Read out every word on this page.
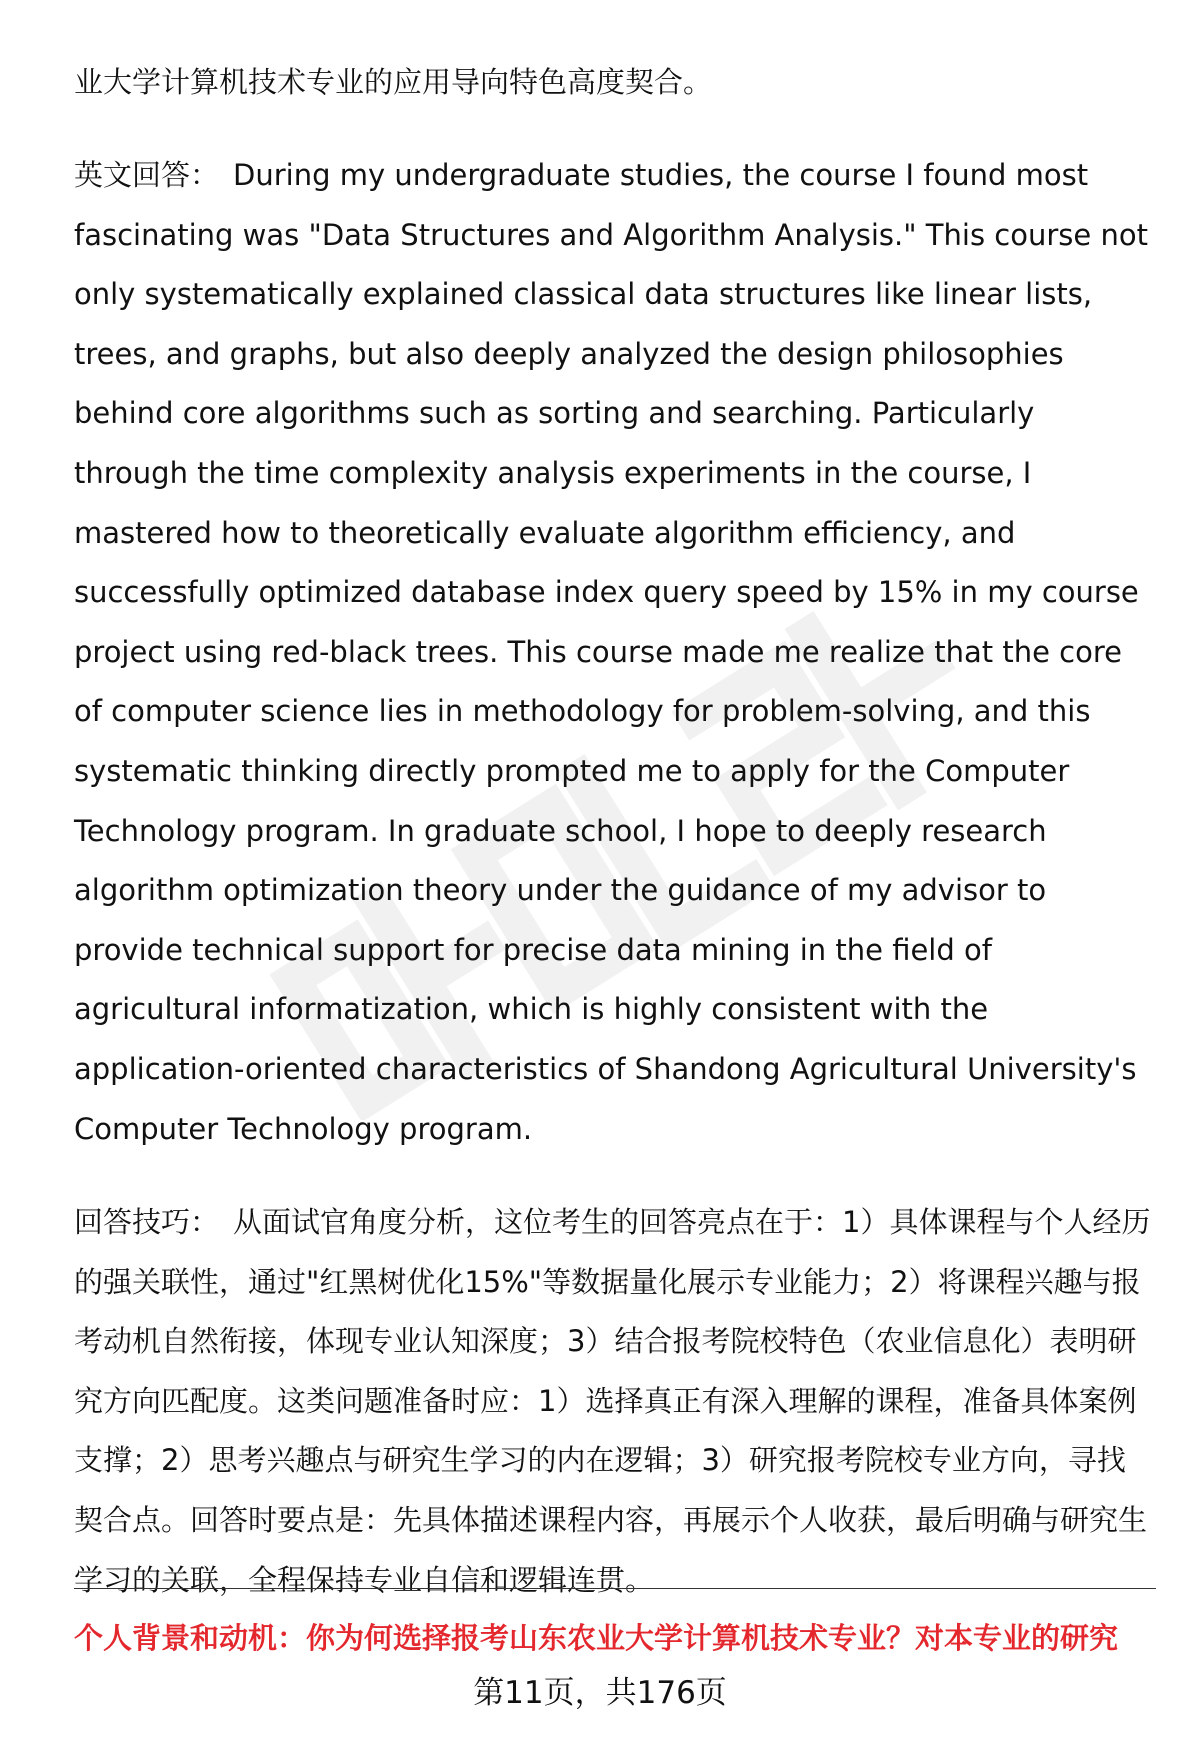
业大学计算机技术专业的应用导向特色高度契合。

英文回答： During my undergraduate studies, the course I found most fascinating was "Data Structures and Algorithm Analysis." This course not only systematically explained classical data structures like linear lists, trees, and graphs, but also deeply analyzed the design philosophies behind core algorithms such as sorting and searching. Particularly through the time complexity analysis experiments in the course, I mastered how to theoretically evaluate algorithm efficiency, and successfully optimized database index query speed by 15% in my course project using red-black trees. This course made me realize that the core of computer science lies in methodology for problem-solving, and this systematic thinking directly prompted me to apply for the Computer Technology program. In graduate school, I hope to deeply research algorithm optimization theory under the guidance of my advisor to provide technical support for precise data mining in the field of agricultural informatization, which is highly consistent with the application-oriented characteristics of Shandong Agricultural University's Computer Technology program.

回答技巧： 从面试官角度分析，这位考生的回答亮点在于：1）具体课程与个人经历的强关联性，通过"红黑树优化15%"等数据量化展示专业能力；2）将课程兴趣与报考动机自然衔接，体现专业认知深度；3）结合报考院校特色（农业信息化）表明研究方向匹配度。这类问题准备时应：1）选择真正有深入理解的课程，准备具体案例支撑；2）思考兴趣点与研究生学习的内在逻辑；3）研究报考院校专业方向，寻找契合点。回答时要点是：先具体描述课程内容，再展示个人收获，最后明确与研究生学习的关联，全程保持专业自信和逻辑连贯。

个人背景和动机：你为何选择报考山东农业大学计算机技术专业？对本专业的研究
第11页，共176页
